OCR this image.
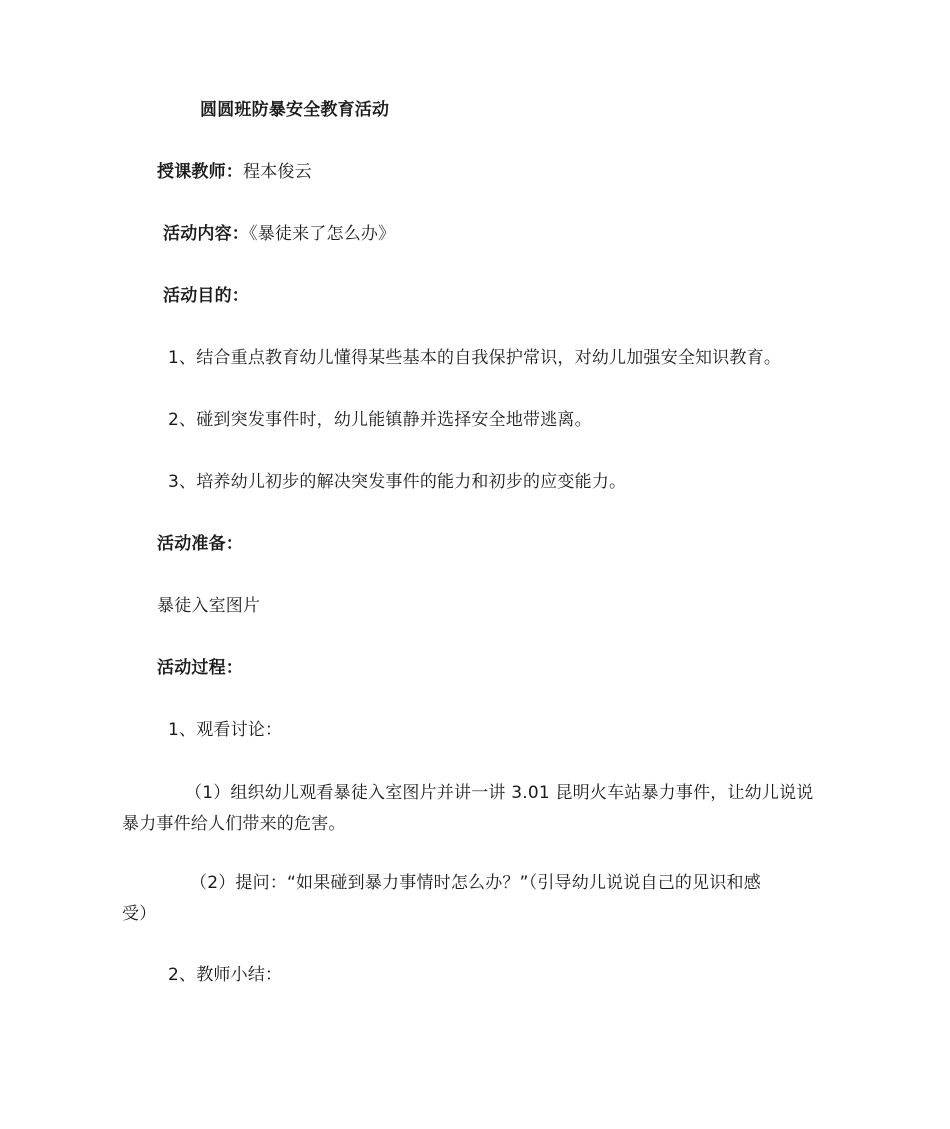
圆圆班防暴安全教育活动
授课教师：程本俊云
活动内容：《暴徒来了怎么办》
活动目的：
1、结合重点教育幼儿懂得某些基本的自我保护常识，对幼儿加强安全知识教育。
2、碰到突发事件时，幼儿能镇静并选择安全地带逃离。
3、培养幼儿初步的解决突发事件的能力和初步的应变能力。
活动准备：
暴徒入室图片
活动过程：
1、观看讨论：
（1）组织幼儿观看暴徒入室图片并讲一讲 3.01 昆明火车站暴力事件，让幼儿说说
暴力事件给人们带来的危害。
（2）提问：“如果碰到暴力事情时怎么办？”（引导幼儿说说自己的见识和感
受）
2、教师小结：
